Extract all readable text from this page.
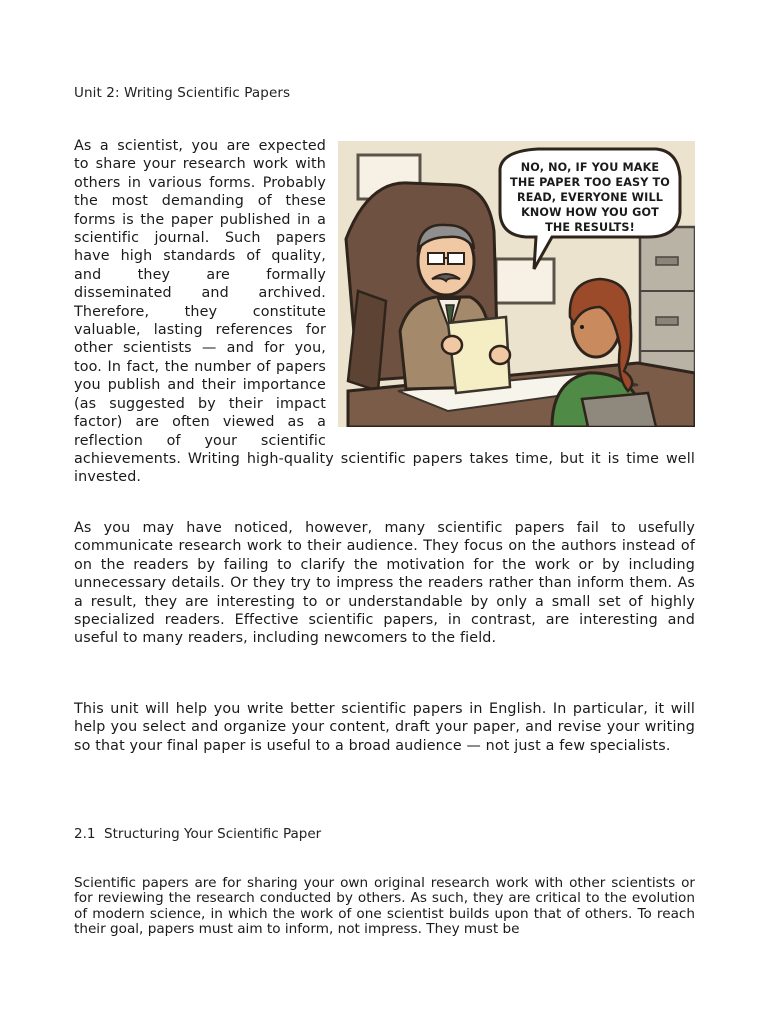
Unit 2: Writing Scientific Papers
NO, NO, IF YOU MAKE
THE PAPER TOO EASY TO
READ, EVERYONE WILL
KNOW HOW YOU GOT
THE RESULTS!
As a scientist, you are expected to share your research work with others in various forms. Probably the most demanding of these forms is the paper published in a scientific journal. Such papers have high standards of quality, and they are formally disseminated and archived. Therefore, they constitute valuable, lasting references for other scientists — and for you, too. In fact, the number of papers you publish and their importance (as suggested by their impact factor) are often viewed as a reflection of your scientific achievements. Writing high-quality scientific papers takes time, but it is time well invested.

As you may have noticed, however, many scientific papers fail to usefully communicate research work to their audience. They focus on the authors instead of on the readers by failing to clarify the motivation for the work or by including unnecessary details. Or they try to impress the readers rather than inform them. As a result, they are interesting to or understandable by only a small set of highly specialized readers. Effective scientific papers, in contrast, are interesting and useful to many readers, including newcomers to the field.

This unit will help you write better scientific papers in English. In particular, it will help you select and organize your content, draft your paper, and revise your writing so that your final paper is useful to a broad audience — not just a few specialists.

2.1  Structuring Your Scientific Paper

Scientific papers are for sharing your own original research work with other scientists or for reviewing the research conducted by others. As such, they are critical to the evolution of modern science, in which the work of one scientist builds upon that of others. To reach their goal, papers must aim to inform, not impress. They must be
